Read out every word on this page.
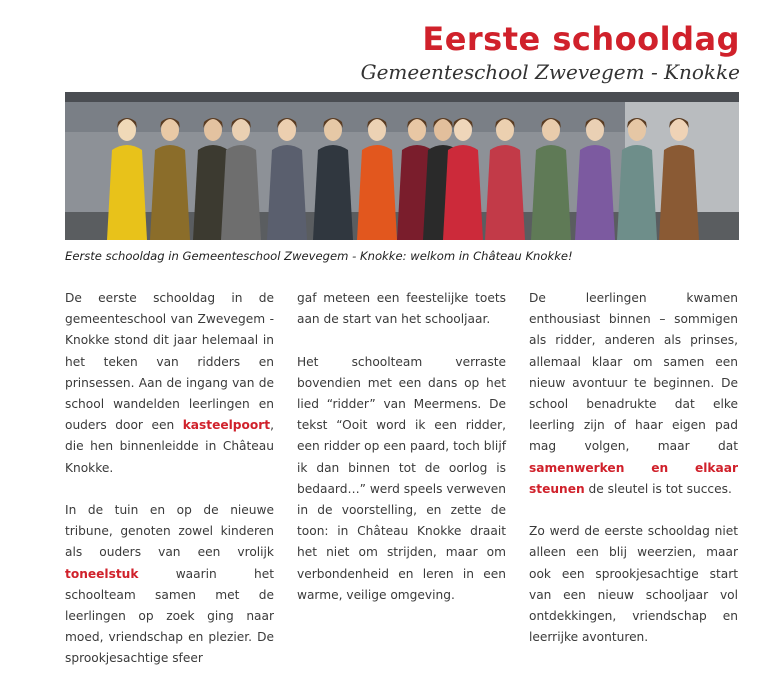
Eerste schooldag
Gemeenteschool Zwevegem - Knokke
Eerste schooldag in Gemeenteschool Zwevegem - Knokke: welkom in Château Knokke!

De eerste schooldag in de gemeenteschool van Zwevegem - Knokke stond dit jaar helemaal in het teken van ridders en prinsessen. Aan de ingang van de school wandelden leerlingen en ouders door een kasteelpoort, die hen binnenleidde in Château Knokke.

In de tuin en op de nieuwe tribune, genoten zowel kinderen als ouders van een vrolijk toneelstuk waarin het schoolteam samen met de leerlingen op zoek ging naar moed, vriendschap en plezier. De sprookjesachtige sfeer

gaf meteen een feestelijke toets aan de start van het schooljaar.

Het schoolteam verraste bovendien met een dans op het lied “ridder” van Meermens. De tekst “Ooit word ik een ridder, een ridder op een paard, toch blijf ik dan binnen tot de oorlog is bedaard…” werd speels verweven in de voorstelling, en zette de toon: in Château Knokke draait het niet om strijden, maar om verbondenheid en leren in een warme, veilige omgeving.

De leerlingen kwamen enthousiast binnen – sommigen als ridder, anderen als prinses, allemaal klaar om samen een nieuw avontuur te beginnen. De school benadrukte dat elke leerling zijn of haar eigen pad mag volgen, maar dat samenwerken en elkaar steunen de sleutel is tot succes.

Zo werd de eerste schooldag niet alleen een blij weerzien, maar ook een sprookjesachtige start van een nieuw schooljaar vol ontdekkingen, vriendschap en leerrijke avonturen.
